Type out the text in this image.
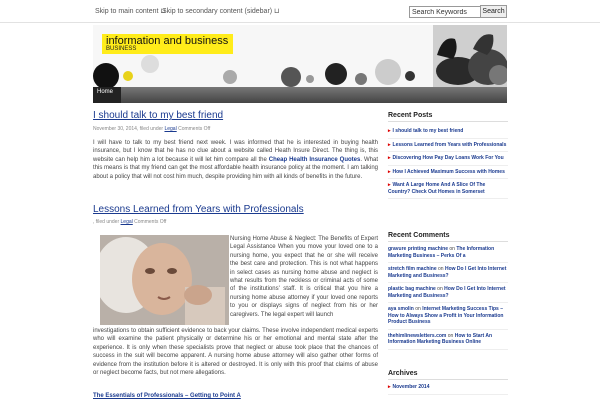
Skip to main content ⊔
Skip to secondary content (sidebar) ⊔
Search Keywords	Search
information and business
BUSINESS
Home
I should talk to my best friend
November 30, 2014, filed under Legal Comments Off

I will have to talk to my best friend next week. I was informed that he is interested in buying health insurance, but I know that he has no clue about a website called Heath Insure Direct. The thing is, this website can help him a lot because it will let him compare all the Cheap Health Insurance Quotes. What this means is that my friend can get the most affordable health insurance policy at the moment. I am talking about a policy that will not cost him much, despite providing him with all kinds of benefits in the future.

Lessons Learned from Years with Professionals
, filed under Legal Comments Off

Nursing Home Abuse & Neglect: The Benefits of Expert Legal Assistance When you move your loved one to a nursing home, you expect that he or she will receive the best care and protection. This is not what happens in select cases as nursing home abuse and neglect is what results from the reckless or criminal acts of some of the institutions' staff. It is critical that you hire a nursing home abuse attorney if your loved one reports to you or displays signs of neglect from his or her caregivers. The legal expert will launch

investigations to obtain sufficient evidence to back your claims. These involve independent medical experts who will examine the patient physically or determine his or her emotional and mental state after the experience. It is only when these specialists prove that neglect or abuse took place that the chances of success in the suit will become apparent. A nursing home abuse attorney will also gather other forms of evidence from the institution before it is altered or destroyed. It is only with this proof that claims of abuse or neglect become facts, but not mere allegations.

The Essentials of Professionals – Getting to Point A
Recent Posts
▸ I should talk to my best friend
▸ Lessons Learned from Years with Professionals
▸ Discovering How Pay Day Loans Work For You
▸ How I Achieved Maximum Success with Homes
▸ Want A Large Home And A Slice Of The Country? Check Out Homes in Somerset
Recent Comments
gravure printing machine on The Information Marketing Business – Perks Of a
stretch film machine on How Do I Get Into Internet Marketing and Business?
plastic bag machine on How Do I Get Into Internet Marketing and Business?
aya smolin on Internet Marketing Success Tips – How to Always Show a Profit in Your Information Product Business
thehimlinewsletters.com on How to Start An Information Marketing Business Online
Archives
▸ November 2014
